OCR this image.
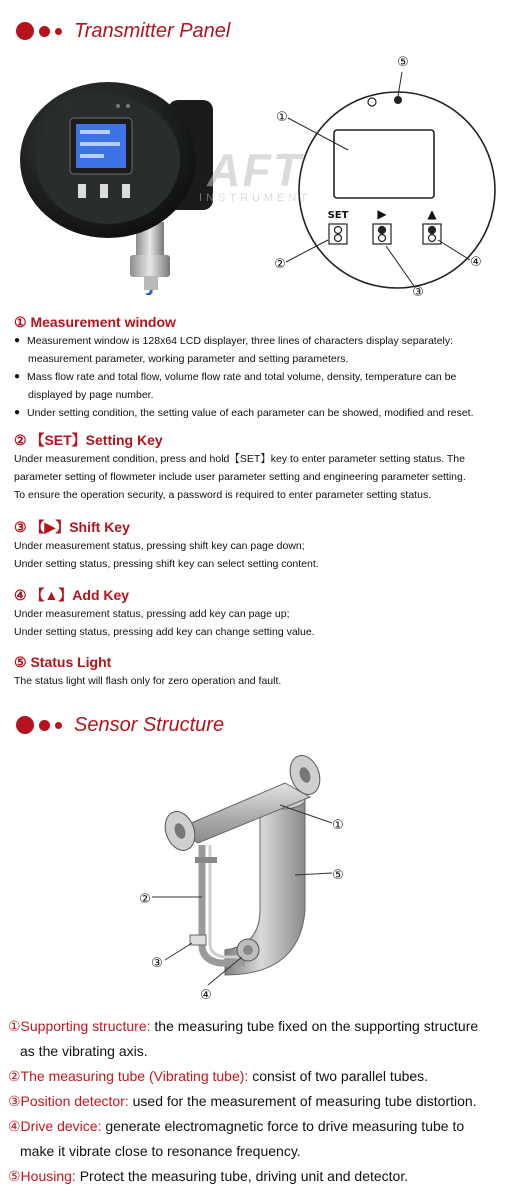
Transmitter Panel
AFT
INSTRUMENT
SET ▶	▲
①
②
③
④
⑤
① Measurement window
● Measurement window is 128x64 LCD displayer, three lines of characters display separately:
measurement parameter, working parameter and setting parameters.
● Mass flow rate and total flow, volume flow rate and total volume, density, temperature can be
displayed by page number.
● Under setting condition, the setting value of each parameter can be showed, modified and reset.
② 【SET】Setting Key
Under measurement condition, press and hold【SET】key to enter parameter setting status. The
parameter setting of flowmeter include user parameter setting and engineering parameter setting.
To ensure the operation security, a password is required to enter parameter setting status.
③ 【▶】Shift Key
Under measurement status, pressing shift key can page down;
Under setting status, pressing shift key can select setting content.
④ 【▲】Add Key
Under measurement status, pressing add key can page up;
Under setting status, pressing add key can change setting value.
⑤ Status Light
The status light will flash only for zero operation and fault.
Sensor Structure
①
②
③
④
⑤
①Supporting structure: the measuring tube fixed on the supporting structure
as the vibrating axis.
②The measuring tube (Vibrating tube): consist of two parallel tubes.
③Position detector: used for the measurement of measuring tube distortion.
④Drive device: generate electromagnetic force to drive measuring tube to
make it vibrate close to resonance frequency.
⑤Housing: Protect the measuring tube, driving unit and detector.
